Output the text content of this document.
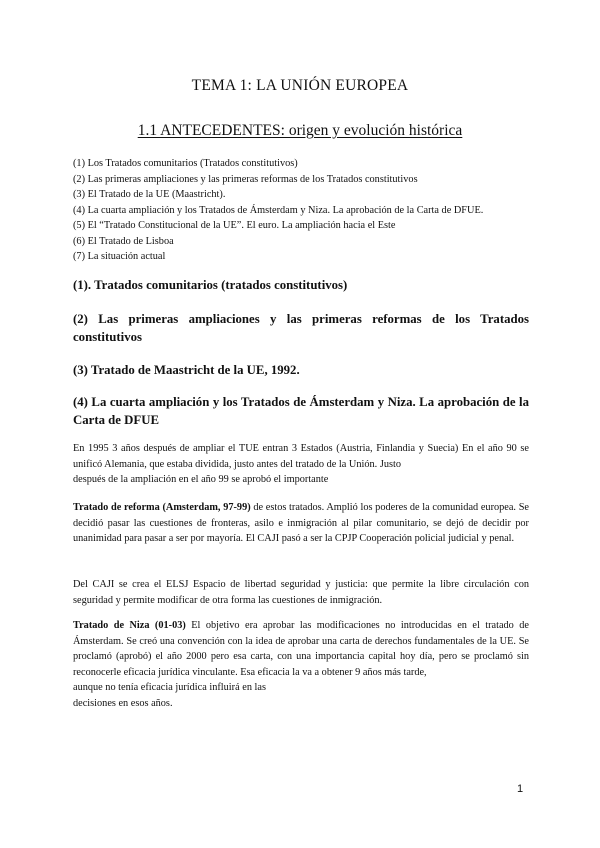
TEMA 1: LA UNIÓN EUROPEA
1.1 ANTECEDENTES: origen y evolución histórica
(1) Los Tratados comunitarios (Tratados constitutivos)
(2) Las primeras ampliaciones y las primeras reformas de los Tratados constitutivos
(3) El Tratado de la UE (Maastricht).
(4) La cuarta ampliación y los Tratados de Ámsterdam y Niza. La aprobación de la Carta de DFUE.
(5) El “Tratado Constitucional de la UE”. El euro. La ampliación hacia el Este
(6) El Tratado de Lisboa
(7) La situación actual
(1). Tratados comunitarios (tratados constitutivos)
(2) Las primeras ampliaciones y las primeras reformas de los Tratados constitutivos
(3) Tratado de Maastricht de la UE, 1992.
(4) La cuarta ampliación y los Tratados de Ámsterdam y Niza. La aprobación de la Carta de DFUE
En 1995 3 años después de ampliar el TUE entran 3 Estados (Austria, Finlandia y Suecia) En el año 90 se unificó Alemania, que estaba dividida, justo antes del tratado de la Unión. Justo
después de la ampliación en el año 99 se aprobó el importante
Tratado de reforma (Amsterdam, 97-99) de estos tratados. Amplió los poderes de la comunidad europea. Se decidió pasar las cuestiones de fronteras, asilo e inmigración al pilar comunitario, se dejó de decidir por unanimidad para pasar a ser por mayoría. El CAJI pasó a ser la CPJP Cooperación policial judicial y penal.
Del CAJI se crea el ELSJ Espacio de libertad seguridad y justicia: que permite la libre circulación con seguridad y permite modificar de otra forma las cuestiones de inmigración.
Tratado de Niza (01-03) El objetivo era aprobar las modificaciones no introducidas en el tratado de Ámsterdam. Se creó una convención con la idea de aprobar una carta de derechos fundamentales de la UE. Se proclamó (aprobó) el año 2000 pero esa carta, con una importancia capital hoy día, pero se proclamó sin reconocerle eficacia jurídica vinculante. Esa eficacia la va a obtener 9 años más tarde,
aunque no tenía eficacia jurídica influirá en las
decisiones en esos años.
1
